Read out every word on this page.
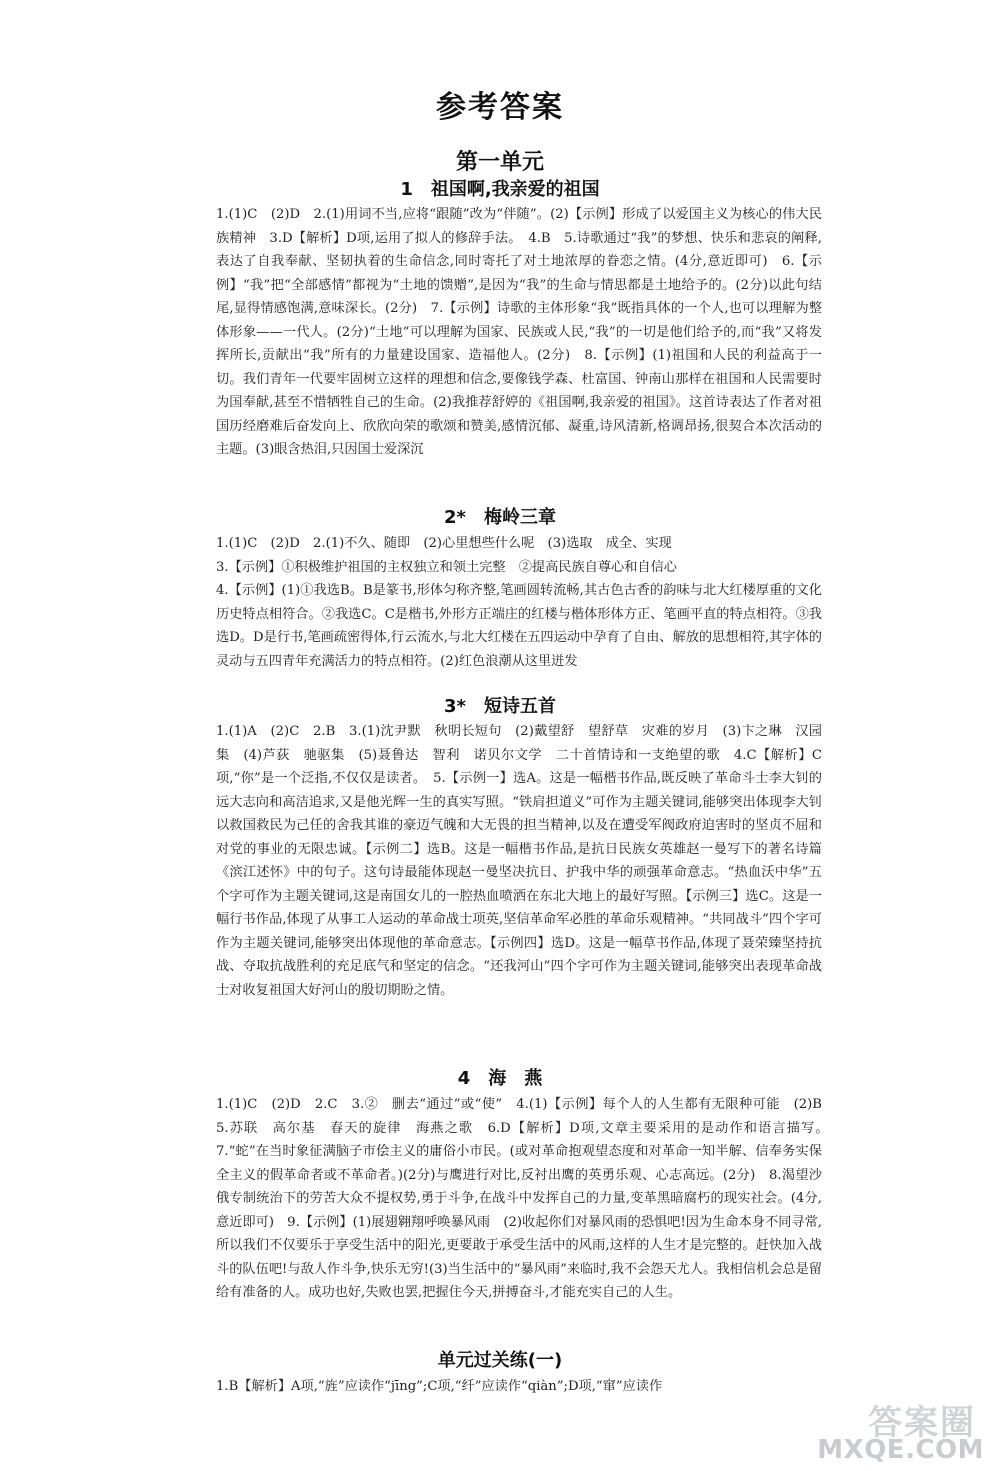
参考答案
第一单元
1　祖国啊,我亲爱的祖国

1.(1)C　(2)D　2.(1)用词不当,应将“跟随”改为“伴随”。(2)【示例】形成了以爱国主义为核心的伟大民族精神　3.D【解析】D项,运用了拟人的修辞手法。　4.B　5.诗歌通过“我”的梦想、快乐和悲哀的阐释,表达了自我奉献、坚韧执着的生命信念,同时寄托了对土地浓厚的眷恋之情。(4分,意近即可)　6.【示例】“我”把“全部感情”都视为“土地的馈赠”,是因为“我”的生命与情思都是土地给予的。(2分)以此句结尾,显得情感饱满,意味深长。(2分)　7.【示例】诗歌的主体形象“我”既指具体的一个人,也可以理解为整体形象——一代人。(2分)“土地”可以理解为国家、民族或人民,“我”的一切是他们给予的,而“我”又将发挥所长,贡献出“我”所有的力量建设国家、造福他人。(2分)　8.【示例】(1)祖国和人民的利益高于一切。我们青年一代要牢固树立这样的理想和信念,要像钱学森、杜富国、钟南山那样在祖国和人民需要时为国奉献,甚至不惜牺牲自己的生命。(2)我推荐舒婷的《祖国啊,我亲爱的祖国》。这首诗表达了作者对祖国历经磨难后奋发向上、欣欣向荣的歌颂和赞美,感情沉郁、凝重,诗风清新,格调昂扬,很契合本次活动的主题。(3)眼含热泪,只因国士爱深沉

2*　梅岭三章

1.(1)C　(2)D　2.(1)不久、随即　(2)心里想些什么呢　(3)选取　成全、实现

3.【示例】①积极维护祖国的主权独立和领土完整　②提高民族自尊心和自信心

4.【示例】(1)①我选B。B是篆书,形体匀称齐整,笔画圆转流畅,其古色古香的韵味与北大红楼厚重的文化历史特点相符合。②我选C。C是楷书,外形方正端庄的红楼与楷体形体方正、笔画平直的特点相符。③我选D。D是行书,笔画疏密得体,行云流水,与北大红楼在五四运动中孕育了自由、解放的思想相符,其字体的灵动与五四青年充满活力的特点相符。(2)红色浪潮从这里迸发

3*　短诗五首

1.(1)A　(2)C　2.B　3.(1)沈尹默　秋明长短句　(2)戴望舒　望舒草　灾难的岁月　(3)卞之琳　汉园集　(4)芦荻　驰驱集　(5)聂鲁达　智利　诺贝尔文学　二十首情诗和一支绝望的歌　4.C【解析】C项,“你”是一个泛指,不仅仅是读者。　5.【示例一】选A。这是一幅楷书作品,既反映了革命斗士李大钊的远大志向和高洁追求,又是他光辉一生的真实写照。“铁肩担道义”可作为主题关键词,能够突出体现李大钊以救国救民为己任的舍我其谁的豪迈气魄和大无畏的担当精神,以及在遭受军阀政府迫害时的坚贞不屈和对党的事业的无限忠诚。【示例二】选B。这是一幅楷书作品,是抗日民族女英雄赵一曼写下的著名诗篇《滨江述怀》中的句子。这句诗最能体现赵一曼坚决抗日、护我中华的顽强革命意志。“热血沃中华”五个字可作为主题关键词,这是南国女儿的一腔热血喷洒在东北大地上的最好写照。【示例三】选C。这是一幅行书作品,体现了从事工人运动的革命战士项英,坚信革命军必胜的革命乐观精神。“共同战斗”四个字可作为主题关键词,能够突出体现他的革命意志。【示例四】选D。这是一幅草书作品,体现了聂荣臻坚持抗战、夺取抗战胜利的充足底气和坚定的信念。“还我河山”四个字可作为主题关键词,能够突出表现革命战士对收复祖国大好河山的殷切期盼之情。

4　海　燕

1.(1)C　(2)D　2.C　3.②　删去“通过”或“使”　4.(1)【示例】每个人的人生都有无限种可能　(2)B　5.苏联　高尔基　春天的旋律　海燕之歌　6.D【解析】D项,文章主要采用的是动作和语言描写。　7.“蛇”在当时象征满脑子市侩主义的庸俗小市民。(或对革命抱观望态度和对革命一知半解、信奉务实保全主义的假革命者或不革命者。)(2分)与鹰进行对比,反衬出鹰的英勇乐观、心志高远。(2分)　8.渴望沙俄专制统治下的劳苦大众不提权势,勇于斗争,在战斗中发挥自己的力量,变革黑暗腐朽的现实社会。(4分,意近即可)　9.【示例】(1)展翅翱翔呼唤暴风雨　(2)收起你们对暴风雨的恐惧吧!因为生命本身不同寻常,所以我们不仅要乐于享受生活中的阳光,更要敢于承受生活中的风雨,这样的人生才是完整的。赶快加入战斗的队伍吧!与敌人作斗争,快乐无穷!(3)当生活中的“暴风雨”来临时,我不会怨天尤人。我相信机会总是留给有准备的人。成功也好,失败也罢,把握住今天,拼搏奋斗,才能充实自己的人生。

单元过关练(一)

1.B【解析】A项,“旌”应读作“jīng”;C项,“纤”应读作“qiàn”;D项,“窜”应读作

答案圈
MXQE.COM
